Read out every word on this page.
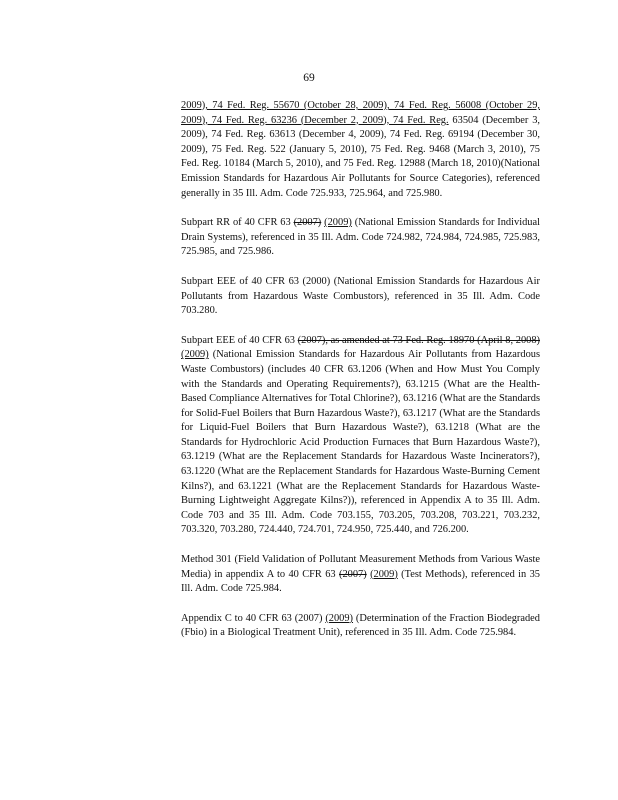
69

2009), 74 Fed. Reg. 55670 (October 28, 2009), 74 Fed. Reg. 56008 (October 29, 2009), 74 Fed. Reg. 63236 (December 2, 2009), 74 Fed. Reg. 63504 (December 3, 2009), 74 Fed. Reg. 63613 (December 4, 2009), 74 Fed. Reg. 69194 (December 30, 2009), 75 Fed. Reg. 522 (January 5, 2010), 75 Fed. Reg. 9468 (March 3, 2010), 75 Fed. Reg. 10184 (March 5, 2010), and 75 Fed. Reg. 12988 (March 18, 2010)(National Emission Standards for Hazardous Air Pollutants for Source Categories), referenced generally in 35 Ill. Adm. Code 725.933, 725.964, and 725.980.

Subpart RR of 40 CFR 63 (2007) (2009) (National Emission Standards for Individual Drain Systems), referenced in 35 Ill. Adm. Code 724.982, 724.984, 724.985, 725.983, 725.985, and 725.986.

Subpart EEE of 40 CFR 63 (2000) (National Emission Standards for Hazardous Air Pollutants from Hazardous Waste Combustors), referenced in 35 Ill. Adm. Code 703.280.

Subpart EEE of 40 CFR 63 (2007), as amended at 73 Fed. Reg. 18970 (April 8, 2008) (2009) (National Emission Standards for Hazardous Air Pollutants from Hazardous Waste Combustors) (includes 40 CFR 63.1206 (When and How Must You Comply with the Standards and Operating Requirements?), 63.1215 (What are the Health-Based Compliance Alternatives for Total Chlorine?), 63.1216 (What are the Standards for Solid-Fuel Boilers that Burn Hazardous Waste?), 63.1217 (What are the Standards for Liquid-Fuel Boilers that Burn Hazardous Waste?), 63.1218 (What are the Standards for Hydrochloric Acid Production Furnaces that Burn Hazardous Waste?), 63.1219 (What are the Replacement Standards for Hazardous Waste Incinerators?), 63.1220 (What are the Replacement Standards for Hazardous Waste-Burning Cement Kilns?), and 63.1221 (What are the Replacement Standards for Hazardous Waste-Burning Lightweight Aggregate Kilns?)), referenced in Appendix A to 35 Ill. Adm. Code 703 and 35 Ill. Adm. Code 703.155, 703.205, 703.208, 703.221, 703.232, 703.320, 703.280, 724.440, 724.701, 724.950, 725.440, and 726.200.

Method 301 (Field Validation of Pollutant Measurement Methods from Various Waste Media) in appendix A to 40 CFR 63 (2007) (2009) (Test Methods), referenced in 35 Ill. Adm. Code 725.984.

Appendix C to 40 CFR 63 (2007) (2009) (Determination of the Fraction Biodegraded (Fbio) in a Biological Treatment Unit), referenced in 35 Ill. Adm. Code 725.984.
